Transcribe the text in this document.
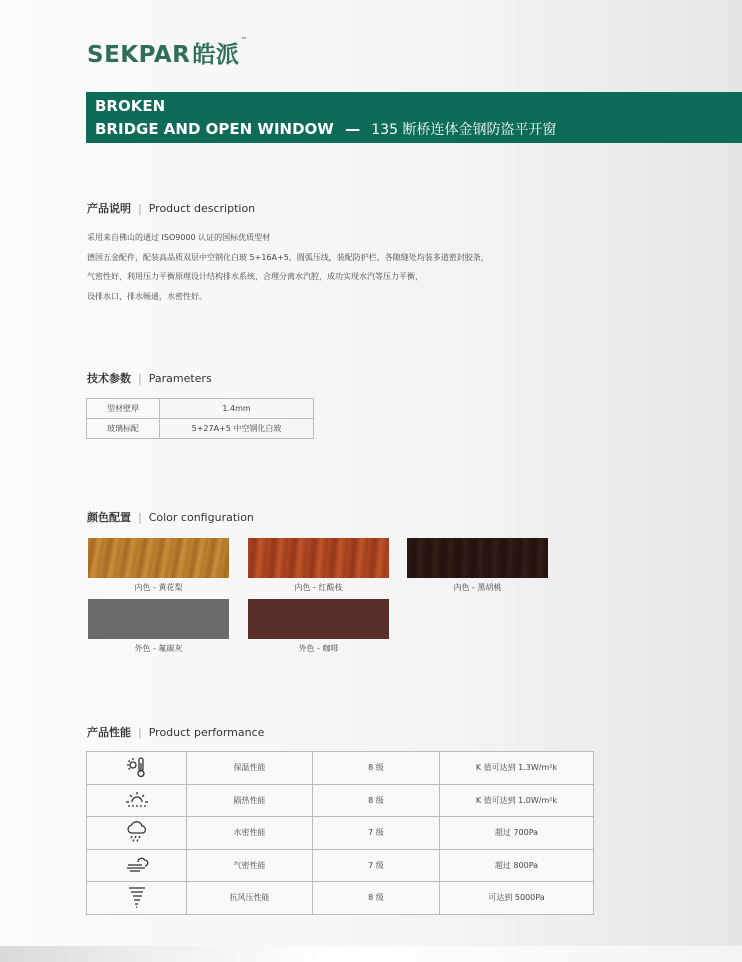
SEKPAR皓派™
BROKEN
BRIDGE AND OPEN WINDOW — 135 断桥连体金钢防盗平开窗
产品说明 | Product description
采用来自佛山的通过 ISO9000 认证的国标优质型材
德国五金配件，配装高品质双层中空钢化白玻 5+16A+5，圆弧压线，装配防护栏，各隙缝处均装多道密封胶条，
气密性好，利用压力平衡原理设计结构排水系统，合理分离水汽腔，成功实现水汽等压力平衡，
设排水口，排水畅通，水密性好。
技术参数 | Parameters
型材壁厚	1.4mm
玻璃标配	5+27A+5 中空钢化白玻
颜色配置 | Color configuration
内色 - 黄花梨	内色 - 红酸枝	内色 - 黑胡桃
外色 - 氟碳灰	外色 - 咖啡
产品性能 | Product performance
	保温性能	8 级	K 值可达到 1.3W/m²k
	隔热性能	8 级	K 值可达到 1.0W/m²k
	水密性能	7 级	超过 700Pa
	气密性能	7 级	超过 800Pa
	抗风压性能	8 级	可达到 5000Pa
